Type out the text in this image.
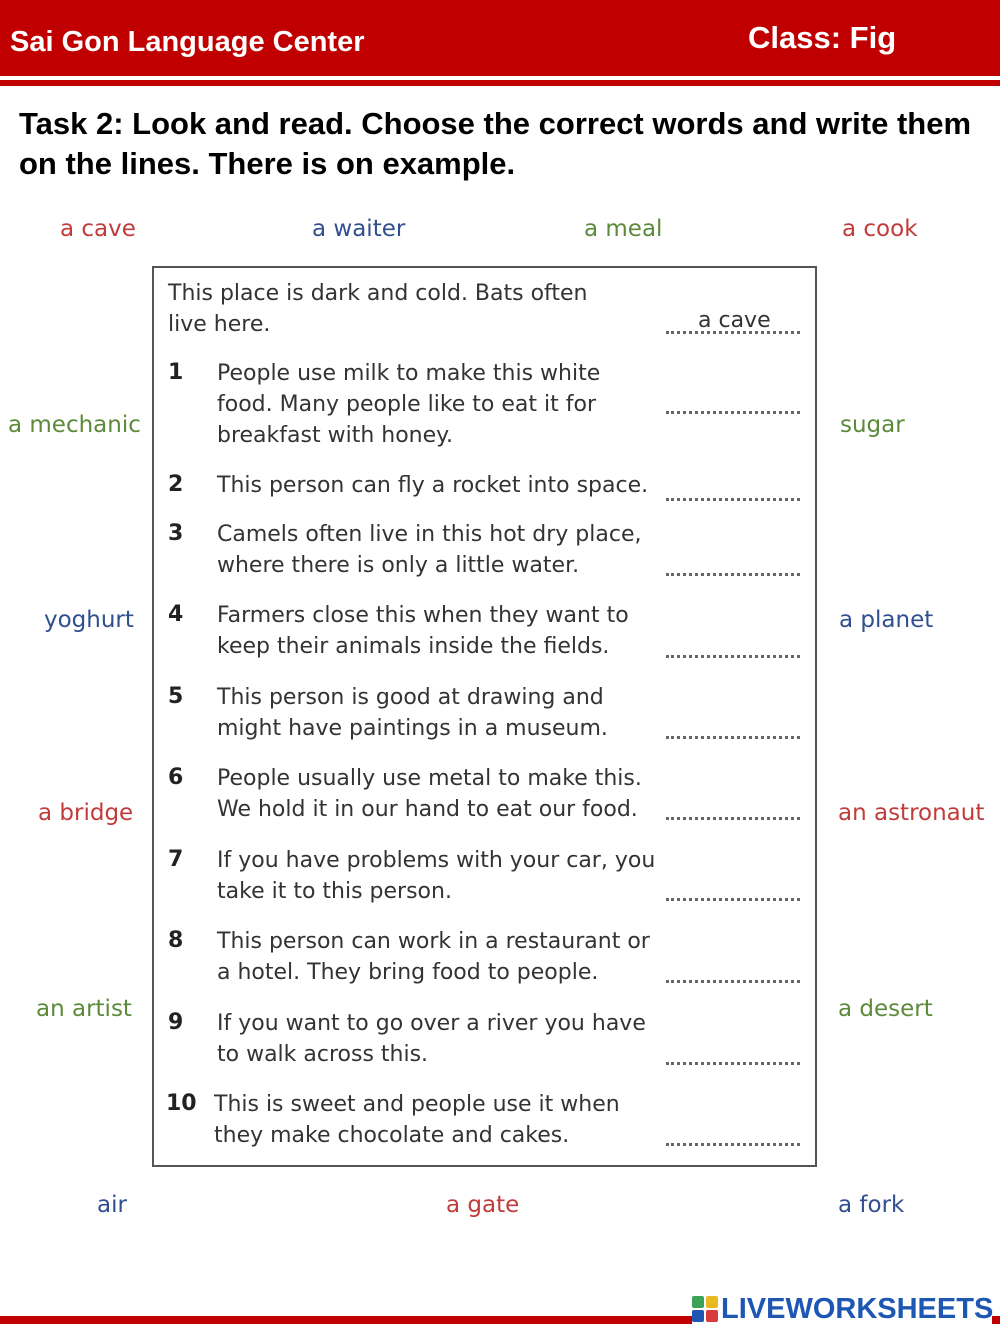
Sai Gon Language Center	Class: Fig
Task 2: Look and read. Choose the correct words and write them on the lines. There is on example.
a cave	a waiter	a meal	a cook
a mechanic	sugar
yoghurt	a planet
a bridge	an astronaut
an artist	a desert
air	a gate	a fork
This place is dark and cold. Bats often live here.	a cave
1	People use milk to make this white food. Many people like to eat it for breakfast with honey.
2	This person can fly a rocket into space.
3	Camels often live in this hot dry place, where there is only a little water.
4	Farmers close this when they want to keep their animals inside the fields.
5	This person is good at drawing and might have paintings in a museum.
6	People usually use metal to make this. We hold it in our hand to eat our food.
7	If you have problems with your car, you take it to this person.
8	This person can work in a restaurant or a hotel. They bring food to people.
9	If you want to go over a river you have to walk across this.
10 This is sweet and people use it when they make chocolate and cakes.
LIVEWORKSHEETS
